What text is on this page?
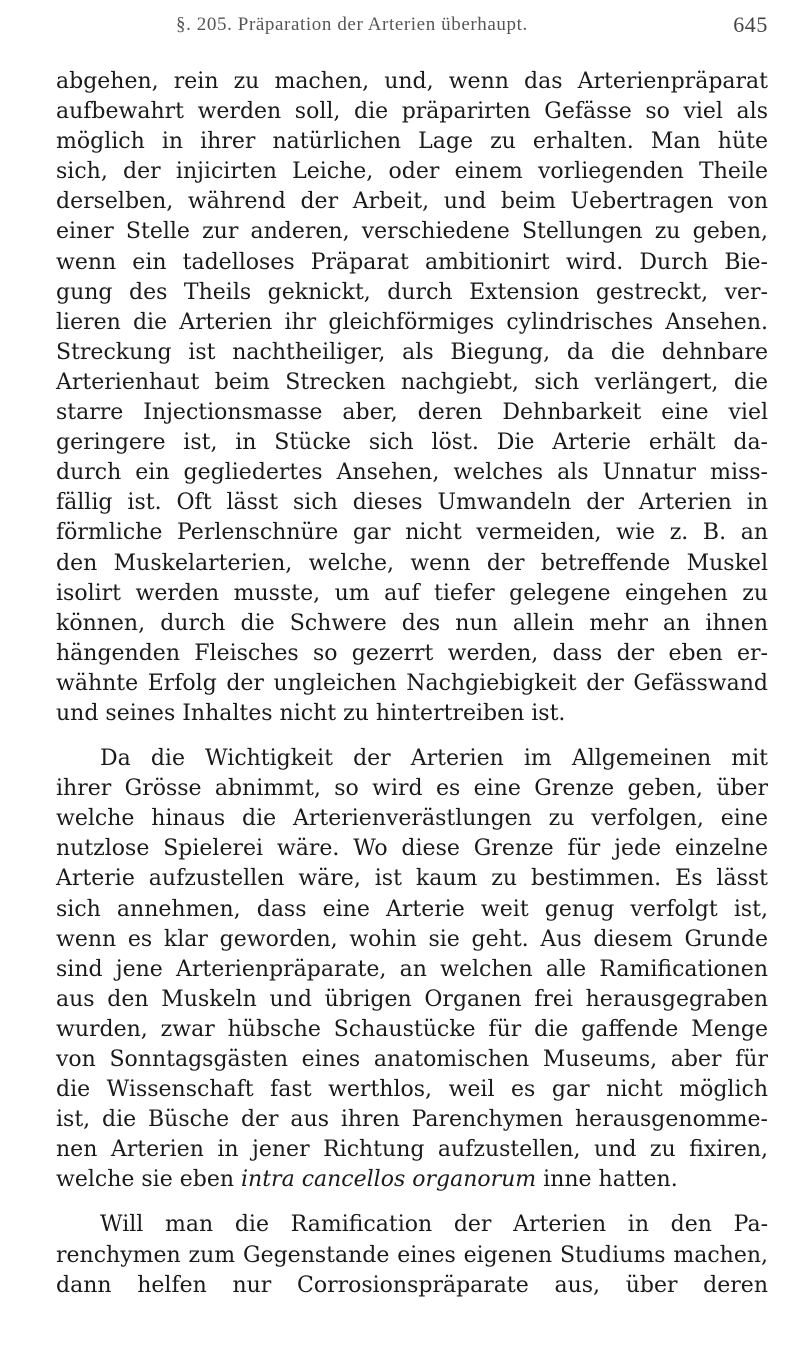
§. 205. Präparation der Arterien überhaupt.	645

abgehen, rein zu machen, und, wenn das Arterienpräparat
aufbewahrt werden soll, die präparirten Gefässe so viel als
möglich in ihrer natürlichen Lage zu erhalten. Man hüte
sich, der injicirten Leiche, oder einem vorliegenden Theile
derselben, während der Arbeit, und beim Uebertragen von
einer Stelle zur anderen, verschiedene Stellungen zu geben,
wenn ein tadelloses Präparat ambitionirt wird. Durch Bie-
gung des Theils geknickt, durch Extension gestreckt, ver-
lieren die Arterien ihr gleichförmiges cylindrisches Ansehen.
Streckung ist nachtheiliger, als Biegung, da die dehnbare
Arterienhaut beim Strecken nachgiebt, sich verlängert, die
starre Injectionsmasse aber, deren Dehnbarkeit eine viel
geringere ist, in Stücke sich löst. Die Arterie erhält da-
durch ein gegliedertes Ansehen, welches als Unnatur miss-
fällig ist. Oft lässt sich dieses Umwandeln der Arterien in
förmliche Perlenschnüre gar nicht vermeiden, wie z. B. an
den Muskelarterien, welche, wenn der betreffende Muskel
isolirt werden musste, um auf tiefer gelegene eingehen zu
können, durch die Schwere des nun allein mehr an ihnen
hängenden Fleisches so gezerrt werden, dass der eben er-
wähnte Erfolg der ungleichen Nachgiebigkeit der Gefässwand
und seines Inhaltes nicht zu hintertreiben ist.

Da die Wichtigkeit der Arterien im Allgemeinen mit
ihrer Grösse abnimmt, so wird es eine Grenze geben, über
welche hinaus die Arterienverästlungen zu verfolgen, eine
nutzlose Spielerei wäre. Wo diese Grenze für jede einzelne
Arterie aufzustellen wäre, ist kaum zu bestimmen. Es lässt
sich annehmen, dass eine Arterie weit genug verfolgt ist,
wenn es klar geworden, wohin sie geht. Aus diesem Grunde
sind jene Arterienpräparate, an welchen alle Ramificationen
aus den Muskeln und übrigen Organen frei herausgegraben
wurden, zwar hübsche Schaustücke für die gaffende Menge
von Sonntagsgästen eines anatomischen Museums, aber für
die Wissenschaft fast werthlos, weil es gar nicht möglich
ist, die Büsche der aus ihren Parenchymen herausgenomme-
nen Arterien in jener Richtung aufzustellen, und zu fixiren,
welche sie eben intra cancellos organorum inne hatten.

Will man die Ramification der Arterien in den Pa-
renchymen zum Gegenstande eines eigenen Studiums machen,
dann helfen nur Corrosionspräparate aus, über deren
